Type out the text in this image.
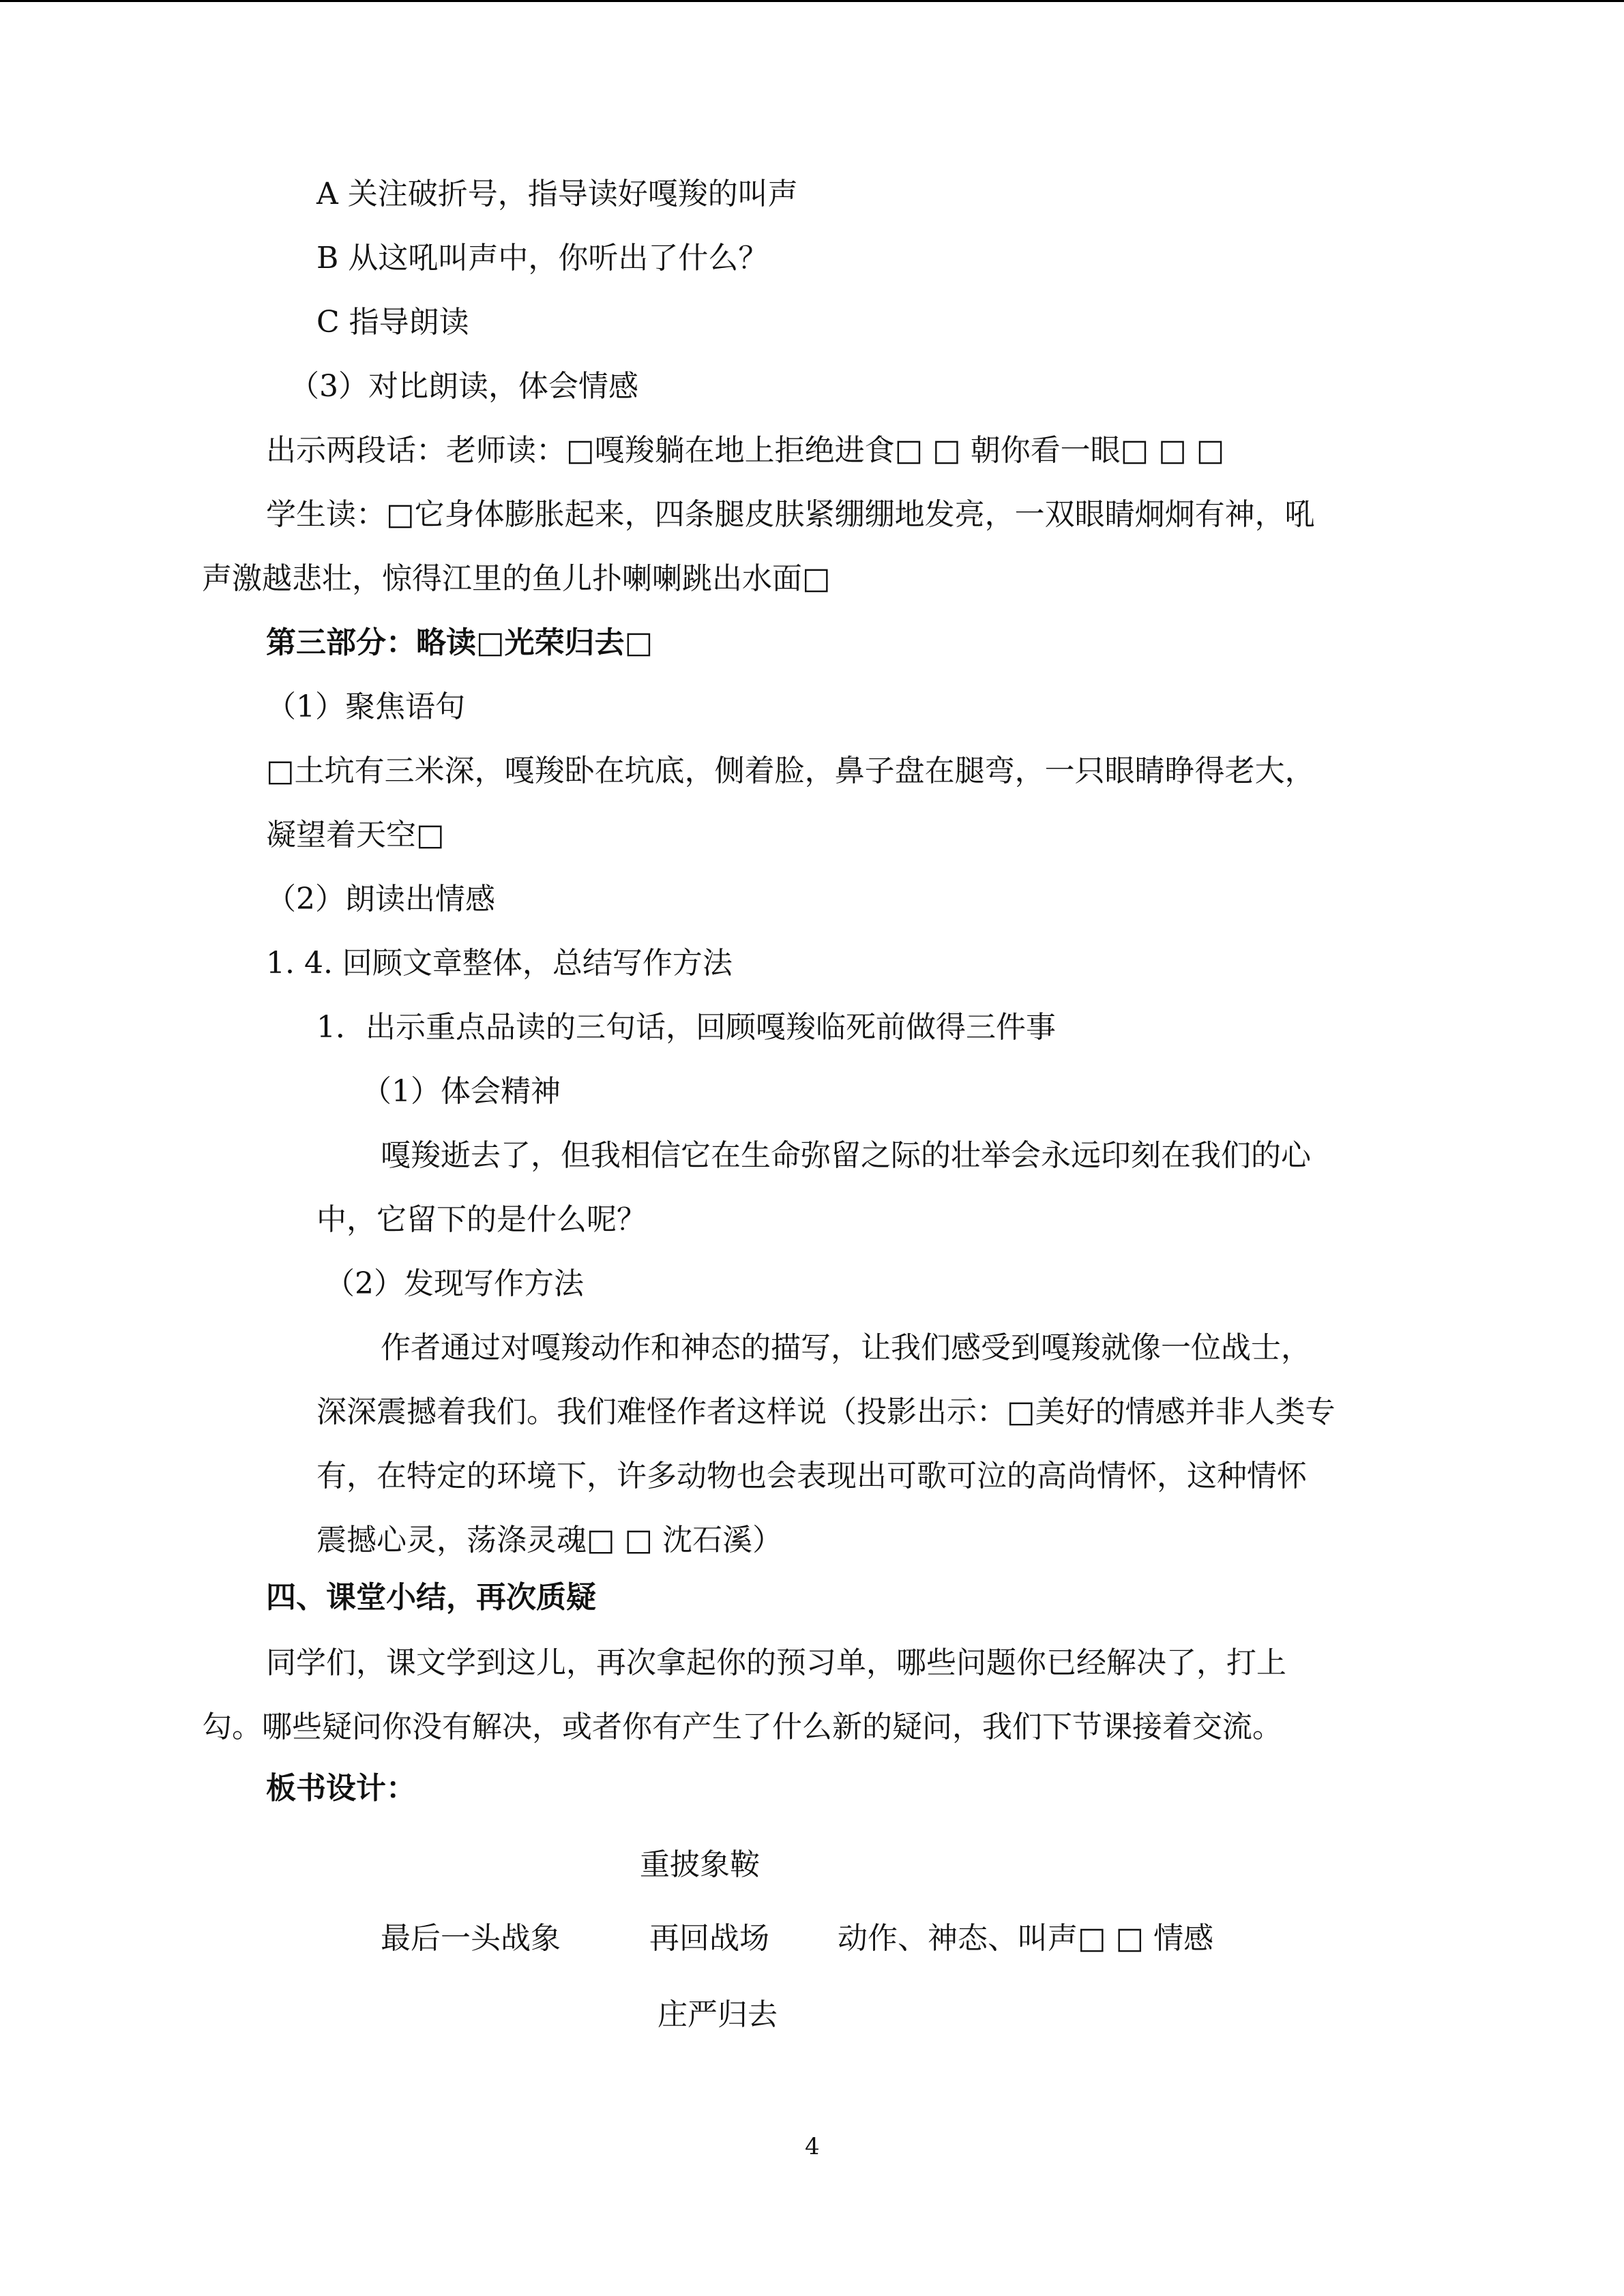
A 关注破折号，指导读好嘎羧的叫声
B 从这吼叫声中，你听出了什么？
C 指导朗读
（3）对比朗读，体会情感
出示两段话：老师读：□嘎羧躺在地上拒绝进食□ □ 朝你看一眼□ □ □
学生读：□它身体膨胀起来，四条腿皮肤紧绷绷地发亮，一双眼睛炯炯有神，吼
声激越悲壮，惊得江里的鱼儿扑喇喇跳出水面□
第三部分：略读□光荣归去□
（1）聚焦语句
□土坑有三米深，嘎羧卧在坑底，侧着脸，鼻子盘在腿弯，一只眼睛睁得老大，
凝望着天空□
（2）朗读出情感
1. 4. 回顾文章整体，总结写作方法
1．出示重点品读的三句话，回顾嘎羧临死前做得三件事
（1）体会精神
嘎羧逝去了，但我相信它在生命弥留之际的壮举会永远印刻在我们的心
中，它留下的是什么呢？
（2）发现写作方法
作者通过对嘎羧动作和神态的描写，让我们感受到嘎羧就像一位战士，
深深震撼着我们。我们难怪作者这样说（投影出示：□美好的情感并非人类专
有，在特定的环境下，许多动物也会表现出可歌可泣的高尚情怀，这种情怀
震撼心灵，荡涤灵魂□ □ 沈石溪）
四、课堂小结，再次质疑
同学们，课文学到这儿，再次拿起你的预习单，哪些问题你已经解决了，打上
勾。哪些疑问你没有解决，或者你有产生了什么新的疑问，我们下节课接着交流。
板书设计：
重披象鞍
最后一头战象	再回战场 动作、神态、叫声□ □ 情感
庄严归去
4
